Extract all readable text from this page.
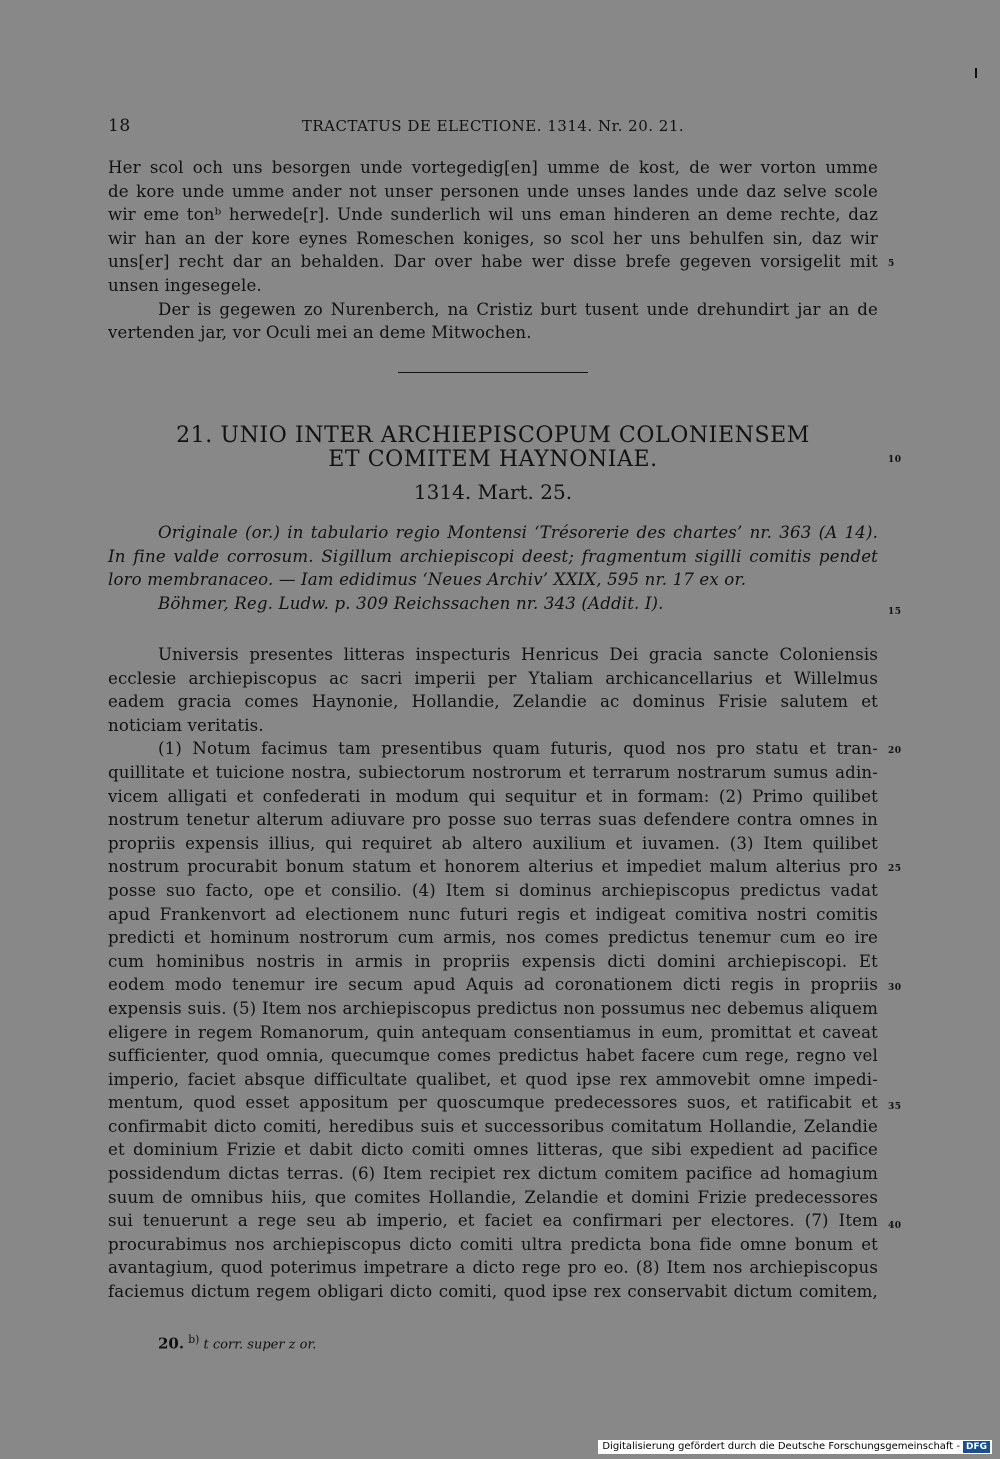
18	TRACTATUS DE ELECTIONE. 1314. Nr. 20. 21.
Her scol och uns besorgen unde vortegedig[en] umme de kost, de wer vorton umme
de kore unde umme ander not unser personen unde unses landes unde daz selve scole
wir eme tonᵇ herwede[r]. Unde sunderlich wil uns eman hinderen an deme rechte, daz
wir han an der kore eynes Romeschen koniges, so scol her uns behulfen sin, daz wir
uns[er] recht dar an behalden. Dar over habe wer disse brefe gegeven vorsigelit mit
unsen ingesegele.
Der is gegewen zo Nurenberch, na Cristiz burt tusent unde drehundirt jar an de
vertenden jar, vor Oculi mei an deme Mitwochen.
21. UNIO INTER ARCHIEPISCOPUM COLONIENSEM
ET COMITEM HAYNONIAE.
1314. Mart. 25.
Originale (or.) in tabulario regio Montensi ‘Trésorerie des chartes’ nr. 363 (A 14).
In fine valde corrosum. Sigillum archiepiscopi deest; fragmentum sigilli comitis pendet
loro membranaceo. — Iam edidimus ‘Neues Archiv’ XXIX, 595 nr. 17 ex or.
Böhmer, Reg. Ludw. p. 309 Reichssachen nr. 343 (Addit. I).
Universis presentes litteras inspecturis Henricus Dei gracia sancte Coloniensis
ecclesie archiepiscopus ac sacri imperii per Ytaliam archicancellarius et Willelmus
eadem gracia comes Haynonie, Hollandie, Zelandie ac dominus Frisie salutem et
noticiam veritatis.
(1) Notum facimus tam presentibus quam futuris, quod nos pro statu et tran-
quillitate et tuicione nostra, subiectorum nostrorum et terrarum nostrarum sumus adin-
vicem alligati et confederati in modum qui sequitur et in formam: (2) Primo quilibet
nostrum tenetur alterum adiuvare pro posse suo terras suas defendere contra omnes in
propriis expensis illius, qui requiret ab altero auxilium et iuvamen. (3) Item quilibet
nostrum procurabit bonum statum et honorem alterius et impediet malum alterius pro
posse suo facto, ope et consilio. (4) Item si dominus archiepiscopus predictus vadat
apud Frankenvort ad electionem nunc futuri regis et indigeat comitiva nostri comitis
predicti et hominum nostrorum cum armis, nos comes predictus tenemur cum eo ire
cum hominibus nostris in armis in propriis expensis dicti domini archiepiscopi. Et
eodem modo tenemur ire secum apud Aquis ad coronationem dicti regis in propriis
expensis suis. (5) Item nos archiepiscopus predictus non possumus nec debemus aliquem
eligere in regem Romanorum, quin antequam consentiamus in eum, promittat et caveat
sufficienter, quod omnia, quecumque comes predictus habet facere cum rege, regno vel
imperio, faciet absque difficultate qualibet, et quod ipse rex ammovebit omne impedi-
mentum, quod esset appositum per quoscumque predecessores suos, et ratificabit et
confirmabit dicto comiti, heredibus suis et successoribus comitatum Hollandie, Zelandie
et dominium Frizie et dabit dicto comiti omnes litteras, que sibi expedient ad pacifice
possidendum dictas terras. (6) Item recipiet rex dictum comitem pacifice ad homagium
suum de omnibus hiis, que comites Hollandie, Zelandie et domini Frizie predecessores
sui tenuerunt a rege seu ab imperio, et faciet ea confirmari per electores. (7) Item
procurabimus nos archiepiscopus dicto comiti ultra predicta bona fide omne bonum et
avantagium, quod poterimus impetrare a dicto rege pro eo. (8) Item nos archiepiscopus
faciemus dictum regem obligari dicto comiti, quod ipse rex conservabit dictum comitem,
5
10
15
20
25
30
35
40
20. $^{b)}$ t corr. super z or.
Digitalisierung gefördert durch die Deutsche Forschungsgemeinschaft - DFG
